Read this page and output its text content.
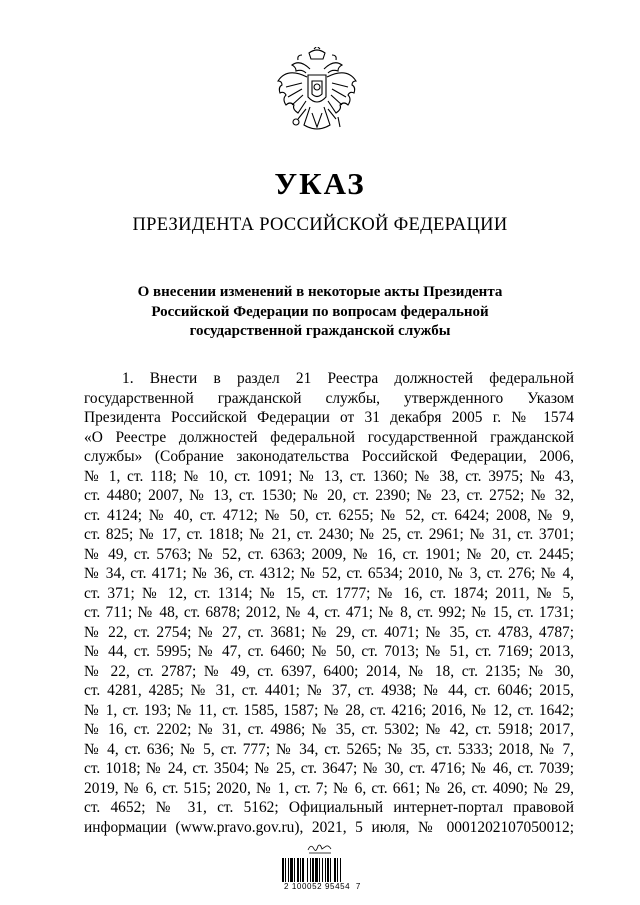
УКАЗ
ПРЕЗИДЕНТА РОССИЙСКОЙ ФЕДЕРАЦИИ
О внесении изменений в некоторые акты Президента
Российской Федерации по вопросам федеральной
государственной гражданской службы

1. Внести в раздел 21 Реестра должностей федеральной

государственной гражданской службы, утвержденного Указом

Президента Российской Федерации от 31 декабря 2005 г. № 1574

«О Реестре должностей федеральной государственной гражданской

службы» (Собрание законодательства Российской Федерации, 2006,

№ 1, ст. 118; № 10, ст. 1091; № 13, ст. 1360; № 38, ст. 3975; № 43,

ст. 4480; 2007, № 13, ст. 1530; № 20, ст. 2390; № 23, ст. 2752; № 32,

ст. 4124; № 40, ст. 4712; № 50, ст. 6255; № 52, ст. 6424; 2008, № 9,

ст. 825; № 17, ст. 1818; № 21, ст. 2430; № 25, ст. 2961; № 31, ст. 3701;

№ 49, ст. 5763; № 52, ст. 6363; 2009, № 16, ст. 1901; № 20, ст. 2445;

№ 34, ст. 4171; № 36, ст. 4312; № 52, ст. 6534; 2010, № 3, ст. 276; № 4,

ст. 371; № 12, ст. 1314; № 15, ст. 1777; № 16, ст. 1874; 2011, № 5,

ст. 711; № 48, ст. 6878; 2012, № 4, ст. 471; № 8, ст. 992; № 15, ст. 1731;

№ 22, ст. 2754; № 27, ст. 3681; № 29, ст. 4071; № 35, ст. 4783, 4787;

№ 44, ст. 5995; № 47, ст. 6460; № 50, ст. 7013; № 51, ст. 7169; 2013,

№ 22, ст. 2787; № 49, ст. 6397, 6400; 2014, № 18, ст. 2135; № 30,

ст. 4281, 4285; № 31, ст. 4401; № 37, ст. 4938; № 44, ст. 6046; 2015,

№ 1, ст. 193; № 11, ст. 1585, 1587; № 28, ст. 4216; 2016, № 12, ст. 1642;

№ 16, ст. 2202; № 31, ст. 4986; № 35, ст. 5302; № 42, ст. 5918; 2017,

№ 4, ст. 636; № 5, ст. 777; № 34, ст. 5265; № 35, ст. 5333; 2018, № 7,

ст. 1018; № 24, ст. 3504; № 25, ст. 3647; № 30, ст. 4716; № 46, ст. 7039;

2019, № 6, ст. 515; 2020, № 1, ст. 7; № 6, ст. 661; № 26, ст. 4090; № 29,

ст. 4652; № 31, ст. 5162; Официальный интернет-портал правовой

информации (www.pravo.gov.ru), 2021, 5 июля, № 0001202107050012;

2 100052 95454  7
